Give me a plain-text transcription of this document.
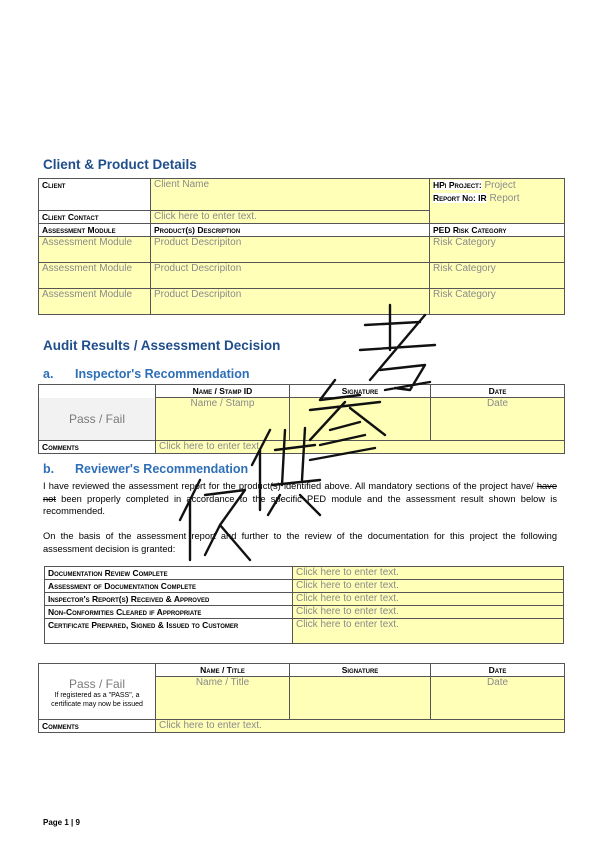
Client & Product Details
Client	Client Name	HPi Project: Project
Report No: IR Report

Client Contact	Click here to enter text.	
Assessment Module	Product(s) Description	PED Risk Category
Assessment Module	Product Descripiton	Risk Category
Assessment Module	Product Descripiton	Risk Category
Assessment Module	Product Descripiton	Risk Category
Audit Results / Assessment Decision
a. Inspector's Recommendation
	Name / Stamp ID	Signature	Date
Pass / Fail	Name / Stamp		Date
Comments	Click here to enter text.		
b. Reviewer's Recommendation

I have reviewed the assessment report for the product(s) identified above. All mandatory sections of the project have/ have not been properly completed in accordance to the specific PED module and the assessment result shown below is recommended.

On the basis of the assessment report and further to the review of the documentation for this project the following assessment decision is granted:

Documentation Review Complete	Click here to enter text.
Assessment of Documentation Complete	Click here to enter text.
Inspector's Report(s) Received & Approved	Click here to enter text.
Non-Conformities Cleared if Appropriate	Click here to enter text.
Certificate Prepared, Signed & Issued to Customer	Click here to enter text.
	Name / Title	Signature	Date

Pass / Fail
If registered as a "PASS", a certificate may now be issued	Name / Title		Date
Comments	Click here to enter text.		
Page 1 | 9
